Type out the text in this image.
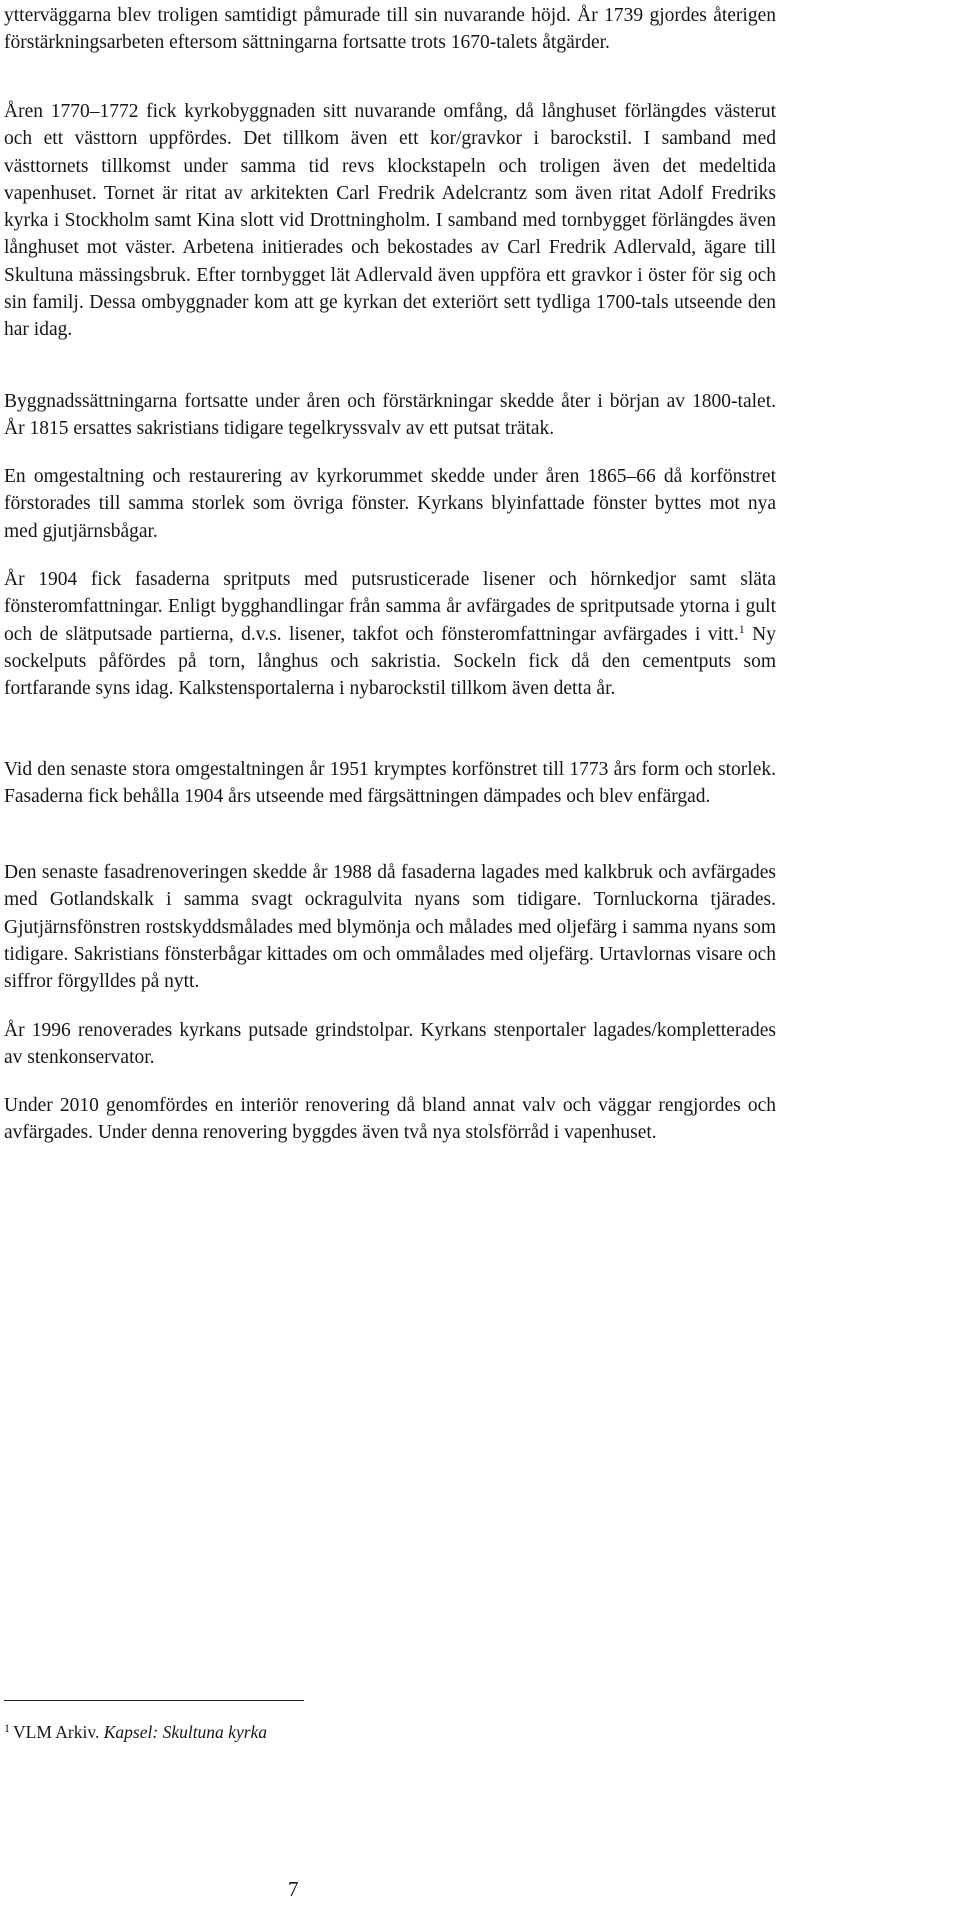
ytterväggarna blev troligen samtidigt påmurade till sin nuvarande höjd. År 1739 gjordes återigen förstärkningsarbeten eftersom sättningarna fortsatte trots 1670-talets åtgärder.

Åren 1770–1772 fick kyrkobyggnaden sitt nuvarande omfång, då långhuset förlängdes västerut och ett västtorn uppfördes. Det tillkom även ett kor/gravkor i barockstil. I samband med västtornets tillkomst under samma tid revs klockstapeln och troligen även det medeltida vapenhuset. Tornet är ritat av arkitekten Carl Fredrik Adelcrantz som även ritat Adolf Fredriks kyrka i Stockholm samt Kina slott vid Drottningholm. I samband med tornbygget förlängdes även långhuset mot väster. Arbetena initierades och bekostades av Carl Fredrik Adlervald, ägare till Skultuna mässingsbruk. Efter tornbygget lät Adlervald även uppföra ett gravkor i öster för sig och sin familj. Dessa ombyggnader kom att ge kyrkan det exteriört sett tydliga 1700-tals utseende den har idag.

Byggnadssättningarna fortsatte under åren och förstärkningar skedde åter i början av 1800-talet. År 1815 ersattes sakristians tidigare tegelkryssvalv av ett putsat trätak.

En omgestaltning och restaurering av kyrkorummet skedde under åren 1865–66 då korfönstret förstorades till samma storlek som övriga fönster. Kyrkans blyinfattade fönster byttes mot nya med gjutjärnsbågar.

År 1904 fick fasaderna spritputs med putsrusticerade lisener och hörnkedjor samt släta fönsteromfattningar. Enligt bygghandlingar från samma år avfärgades de spritputsade ytorna i gult och de slätputsade partierna, d.v.s. lisener, takfot och fönsteromfattningar avfärgades i vitt.$^1$ Ny sockelputs påfördes på torn, långhus och sakristia. Sockeln fick då den cementputs som fortfarande syns idag. Kalkstensportalerna i nybarockstil tillkom även detta år.

Vid den senaste stora omgestaltningen år 1951 krymptes korfönstret till 1773 års form och storlek. Fasaderna fick behålla 1904 års utseende med färgsättningen dämpades och blev enfärgad.

Den senaste fasadrenoveringen skedde år 1988 då fasaderna lagades med kalkbruk och avfärgades med Gotlandskalk i samma svagt ockragulvita nyans som tidigare. Tornluckorna tjärades. Gjutjärnsfönstren rostskyddsmålades med blymönja och målades med oljefärg i samma nyans som tidigare. Sakristians fönsterbågar kittades om och ommålades med oljefärg. Urtavlornas visare och siffror förgylldes på nytt.

År 1996 renoverades kyrkans putsade grindstolpar. Kyrkans stenportaler lagades/kompletterades av stenkonservator.

Under 2010 genomfördes en interiör renovering då bland annat valv och väggar rengjordes och avfärgades. Under denna renovering byggdes även två nya stolsförråd i vapenhuset.

$^1$ VLM Arkiv. Kapsel: Skultuna kyrka

7
